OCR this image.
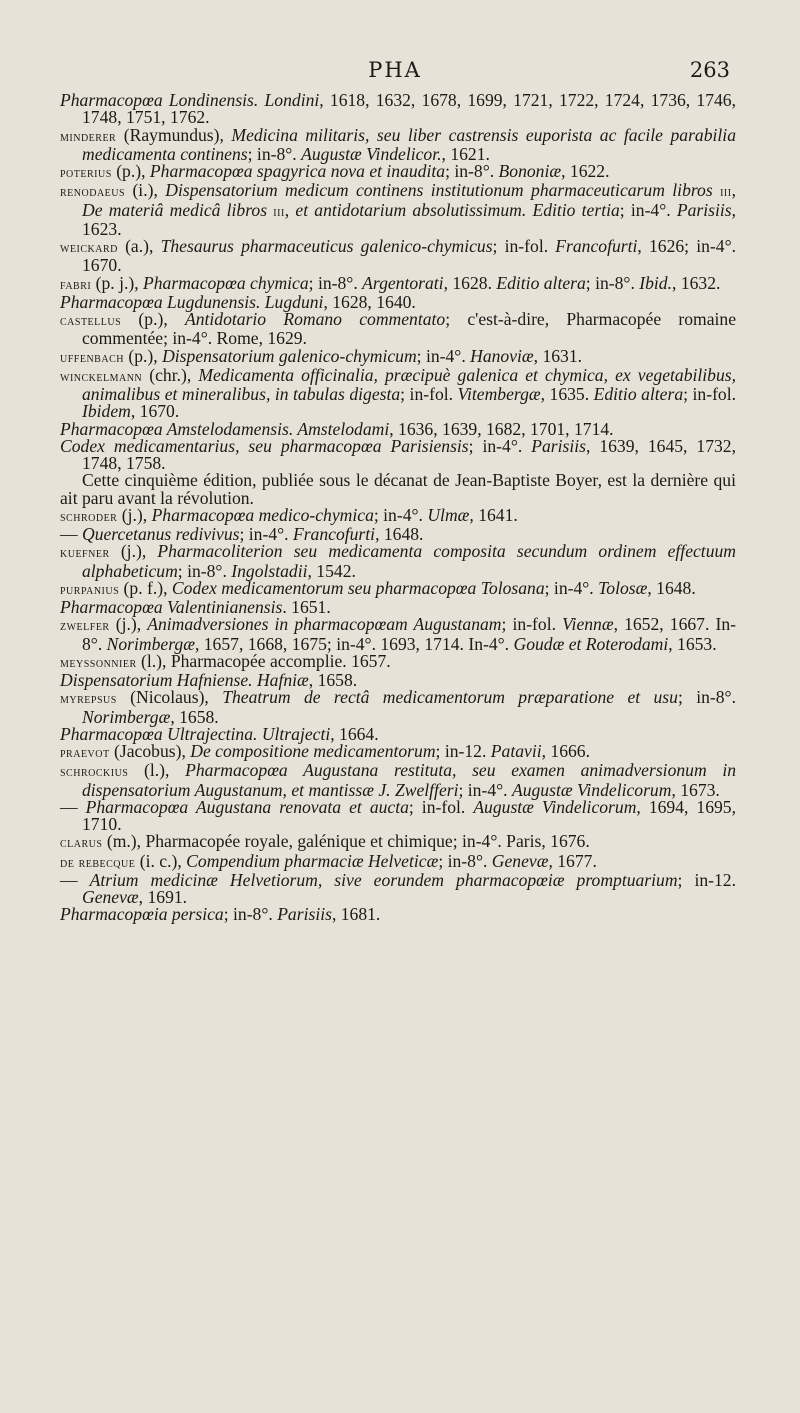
PHA	263

Pharmacopœa Londinensis. Londini, 1618, 1632, 1678, 1699, 1721, 1722, 1724, 1736, 1746, 1748, 1751, 1762.

minderer (Raymundus), Medicina militaris, seu liber castrensis euporista ac facile parabilia medicamenta continens; in-8°. Augustæ Vindelicor., 1621.

poterius (p.), Pharmacopœa spagyrica nova et inaudita; in-8°. Bononiæ, 1622.

renodaeus (i.), Dispensatorium medicum continens institutionum pharmaceuticarum libros iii, De materiâ medicâ libros iii, et antidotarium absolutissimum. Editio tertia; in-4°. Parisiis, 1623.

weickard (a.), Thesaurus pharmaceuticus galenico-chymicus; in-fol. Francofurti, 1626; in-4°. 1670.

fabri (p. j.), Pharmacopœa chymica; in-8°. Argentorati, 1628. Editio altera; in-8°. Ibid., 1632.

Pharmacopœa Lugdunensis. Lugduni, 1628, 1640.

castellus (p.), Antidotario Romano commentato; c'est-à-dire, Pharmacopée romaine commentée; in-4°. Rome, 1629.

uffenbach (p.), Dispensatorium galenico-chymicum; in-4°. Hanoviæ, 1631.

winckelmann (chr.), Medicamenta officinalia, præcipuè galenica et chymica, ex vegetabilibus, animalibus et mineralibus, in tabulas digesta; in-fol. Vitembergæ, 1635. Editio altera; in-fol. Ibidem, 1670.

Pharmacopœa Amstelodamensis. Amstelodami, 1636, 1639, 1682, 1701, 1714.

Codex medicamentarius, seu pharmacopœa Parisiensis; in-4°. Parisiis, 1639, 1645, 1732, 1748, 1758.

Cette cinquième édition, publiée sous le décanat de Jean-Baptiste Boyer, est la dernière qui ait paru avant la révolution.

schroder (j.), Pharmacopœa medico-chymica; in-4°. Ulmæ, 1641.

— Quercetanus redivivus; in-4°. Francofurti, 1648.

kuefner (j.), Pharmacoliterion seu medicamenta composita secundum ordinem effectuum alphabeticum; in-8°. Ingolstadii, 1542.

purpanius (p. f.), Codex medicamentorum seu pharmacopœa Tolosana; in-4°. Tolosæ, 1648.

Pharmacopœa Valentinianensis. 1651.

zwelfer (j.), Animadversiones in pharmacopœam Augustanam; in-fol. Viennæ, 1652, 1667. In-8°. Norimbergæ, 1657, 1668, 1675; in-4°. 1693, 1714. In-4°. Goudæ et Roterodami, 1653.

meyssonnier (l.), Pharmacopée accomplie. 1657.

Dispensatorium Hafniense. Hafniæ, 1658.

myrepsus (Nicolaus), Theatrum de rectâ medicamentorum præparatione et usu; in-8°. Norimbergæ, 1658.

Pharmacopœa Ultrajectina. Ultrajecti, 1664.

praevot (Jacobus), De compositione medicamentorum; in-12. Patavii, 1666.

schrockius (l.), Pharmacopœa Augustana restituta, seu examen animadversionum in dispensatorium Augustanum, et mantissæ J. Zwelfferi; in-4°. Augustæ Vindelicorum, 1673.

— Pharmacopœa Augustana renovata et aucta; in-fol. Augustæ Vindelicorum, 1694, 1695, 1710.

clarus (m.), Pharmacopée royale, galénique et chimique; in-4°. Paris, 1676.

de rebecque (i. c.), Compendium pharmaciæ Helveticæ; in-8°. Genevæ, 1677.

— Atrium medicinæ Helvetiorum, sive eorundem pharmacopœiæ promptuarium; in-12. Genevæ, 1691.

Pharmacopœia persica; in-8°. Parisiis, 1681.
